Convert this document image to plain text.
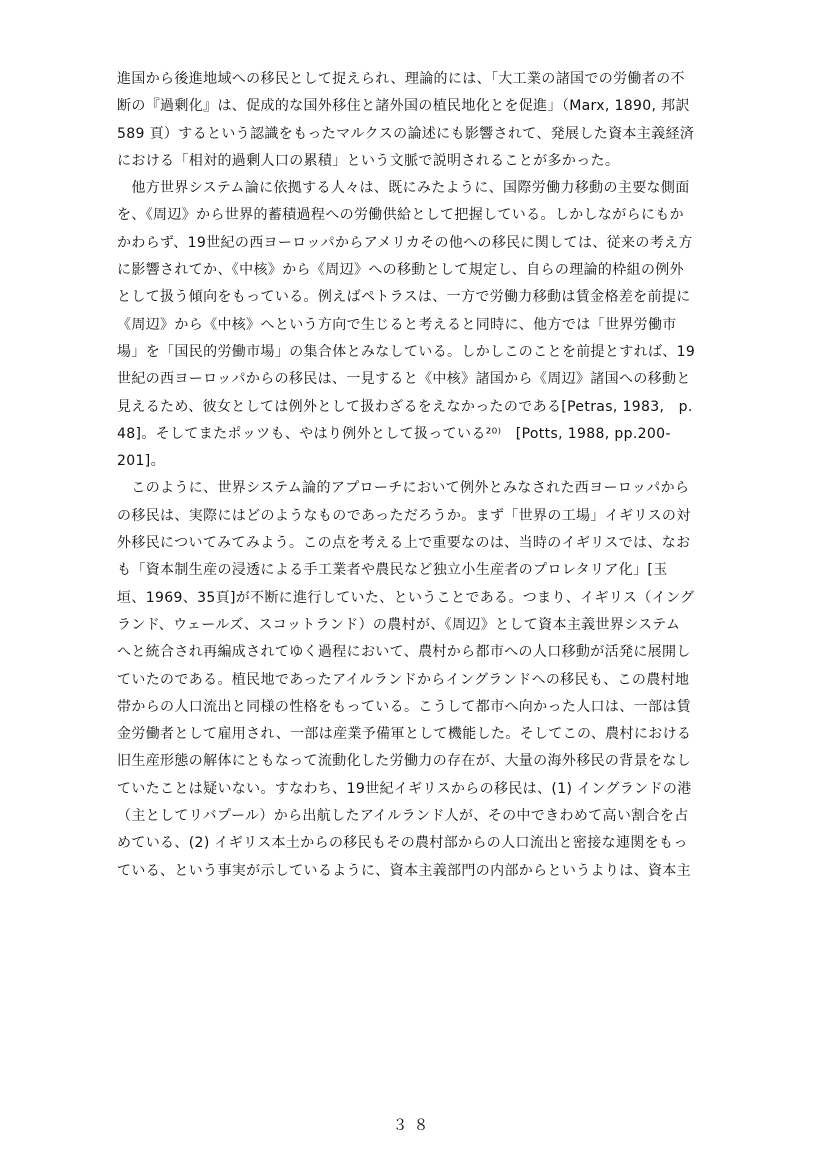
進国から後進地域への移民として捉えられ、理論的には、「大工業の諸国での労働者の不
断の『過剰化』は、促成的な国外移住と諸外国の植民地化とを促進」（Marx, 1890, 邦訳
589 頁）するという認識をもったマルクスの論述にも影響されて、発展した資本主義経済
における「相対的過剰人口の累積」という文脈で説明されることが多かった。
　他方世界システム論に依拠する人々は、既にみたように、国際労働力移動の主要な側面
を、《周辺》から世界的蓄積過程への労働供給として把握している。しかしながらにもか
かわらず、19世紀の西ヨーロッパからアメリカその他への移民に関しては、従来の考え方
に影響されてか、《中核》から《周辺》への移動として規定し、自らの理論的枠組の例外
として扱う傾向をもっている。例えばペトラスは、一方で労働力移動は賃金格差を前提に
《周辺》から《中核》へという方向で生じると考えると同時に、他方では「世界労働市
場」を「国民的労働市場」の集合体とみなしている。しかしこのことを前提とすれば、19
世紀の西ヨーロッパからの移民は、一見すると《中核》諸国から《周辺》諸国への移動と
見えるため、彼女としては例外として扱わざるをえなかったのである[Petras, 1983,　p.
48]。そしてまたポッツも、やはり例外として扱っている²⁰⁾　[Potts, 1988, pp.200-
201]。
　このように、世界システム論的アプローチにおいて例外とみなされた西ヨーロッパから
の移民は、実際にはどのようなものであっただろうか。まず「世界の工場」イギリスの対
外移民についてみてみよう。この点を考える上で重要なのは、当時のイギリスでは、なお
も「資本制生産の浸透による手工業者や農民など独立小生産者のプロレタリア化」[玉
垣、1969、35頁]が不断に進行していた、ということである。つまり、イギリス（イング
ランド、ウェールズ、スコットランド）の農村が、《周辺》として資本主義世界システム
へと統合され再編成されてゆく過程において、農村から都市への人口移動が活発に展開し
ていたのである。植民地であったアイルランドからイングランドへの移民も、この農村地
帯からの人口流出と同様の性格をもっている。こうして都市へ向かった人口は、一部は賃
金労働者として雇用され、一部は産業予備軍として機能した。そしてこの、農村における
旧生産形態の解体にともなって流動化した労働力の存在が、大量の海外移民の背景をなし
ていたことは疑いない。すなわち、19世紀イギリスからの移民は、(1) イングランドの港
（主としてリバプール）から出航したアイルランド人が、その中できわめて高い割合を占
めている、(2) イギリス本土からの移民もその農村部からの人口流出と密接な連関をもっ
ている、という事実が示しているように、資本主義部門の内部からというよりは、資本主
３８
